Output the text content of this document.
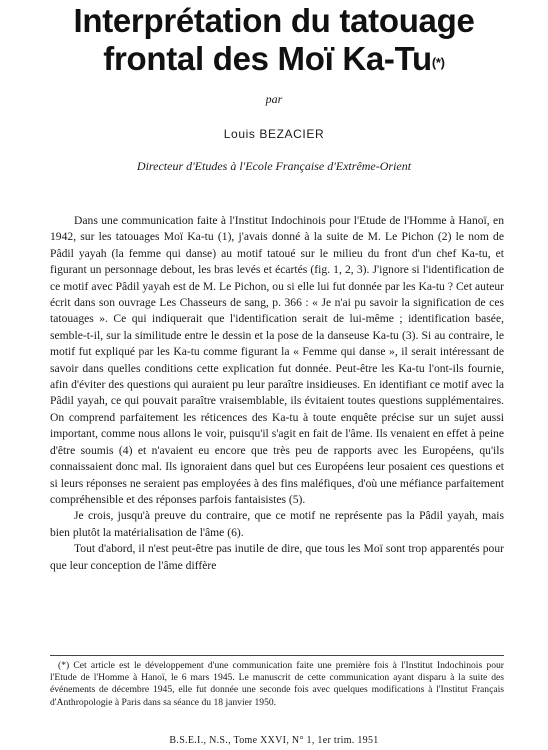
Interprétation du tatouage
frontal des Moï Ka-Tu(*)
par
Louis BEZACIER
Directeur d'Etudes à l'Ecole Française d'Extrême-Orient

Dans une communication faite à l'Institut Indochinois pour l'Etude de l'Homme à Hanoï, en 1942, sur les tatouages Moï Ka-tu (1), j'avais donné à la suite de M. Le Pichon (2) le nom de Pâdil yayah (la femme qui danse) au motif tatoué sur le milieu du front d'un chef Ka-tu, et figurant un personnage debout, les bras levés et écartés (fig. 1, 2, 3). J'ignore si l'identification de ce motif avec Pâdil yayah est de M. Le Pichon, ou si elle lui fut donnée par les Ka-tu ? Cet auteur écrit dans son ouvrage Les Chasseurs de sang, p. 366 : « Je n'ai pu savoir la signification de ces tatouages ». Ce qui indiquerait que l'identification serait de lui-même ; identification basée, semble-t-il, sur la similitude entre le dessin et la pose de la danseuse Ka-tu (3). Si au contraire, le motif fut expliqué par les Ka-tu comme figurant la « Femme qui danse », il serait intéressant de savoir dans quelles conditions cette explication fut donnée. Peut-être les Ka-tu l'ont-ils fournie, afin d'éviter des questions qui auraient pu leur paraître insidieuses. En identifiant ce motif avec la Pâdil yayah, ce qui pouvait paraître vraisemblable, ils évitaient toutes questions supplémentaires. On comprend parfaitement les réticences des Ka-tu à toute enquête précise sur un sujet aussi important, comme nous allons le voir, puisqu'il s'agit en fait de l'âme. Ils venaient en effet à peine d'être soumis (4) et n'avaient eu encore que très peu de rapports avec les Européens, qu'ils connaissaient donc mal. Ils ignoraient dans quel but ces Européens leur posaient ces questions et si leurs réponses ne seraient pas employées à des fins maléfiques, d'où une méfiance parfaitement compréhensible et des réponses parfois fantaisistes (5).

Je crois, jusqu'à preuve du contraire, que ce motif ne représente pas la Pâdil yayah, mais bien plutôt la matérialisation de l'âme (6).

Tout d'abord, il n'est peut-être pas inutile de dire, que tous les Moï sont trop apparentés pour que leur conception de l'âme diffère

(*) Cet article est le développement d'une communication faite une première fois à l'Institut Indochinois pour l'Etude de l'Homme à Hanoï, le 6 mars 1945. Le manuscrit de cette communication ayant disparu à la suite des événements de décembre 1945, elle fut donnée une seconde fois avec quelques modifications à l'Institut Français d'Anthropologie à Paris dans sa séance du 18 janvier 1950.

B.S.E.I., N.S., Tome XXVI, N° 1, 1er trim. 1951
